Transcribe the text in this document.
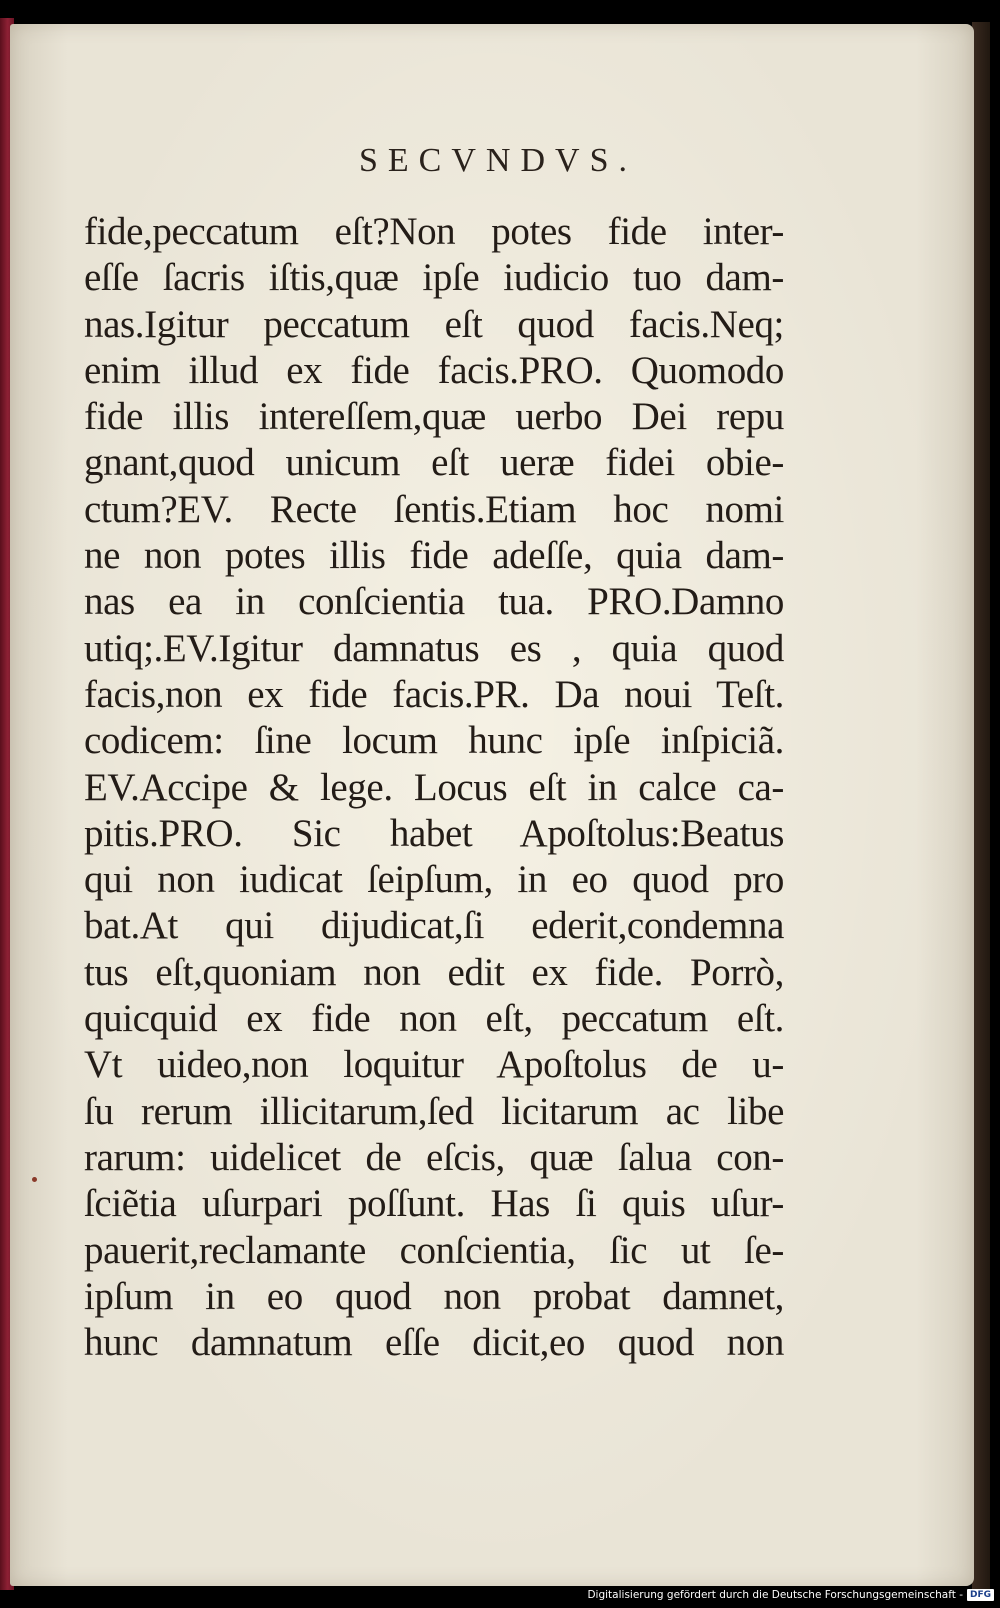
SECVNDVS.
fide,peccatum eſt?Non potes fide inter-
eſſe ſacris iſtis,quæ ipſe iudicio tuo dam-
nas.Igitur peccatum eſt quod facis.Neq;
enim illud ex fide facis.PRO. Quomodo
fide illis intereſſem,quæ uerbo Dei repu
gnant,quod unicum eſt ueræ fidei obie-
ctum?EV. Recte ſentis.Etiam hoc nomi
ne non potes illis fide adeſſe, quia dam-
nas ea in conſcientia tua. PRO.Damno
utiq;.EV.Igitur damnatus es , quia quod
facis,non ex fide facis.PR. Da noui Teſt.
codicem: ſine locum hunc ipſe inſpiciã.
EV.Accipe & lege. Locus eſt in calce ca-
pitis.PRO. Sic habet Apoſtolus:Beatus
qui non iudicat ſeipſum, in eo quod pro
bat.At qui dijudicat,ſi ederit,condemna
tus eſt,quoniam non edit ex fide. Porrò,
quicquid ex fide non eſt, peccatum eſt.
Vt uideo,non loquitur Apoſtolus de u-
ſu rerum illicitarum,ſed licitarum ac libe
rarum: uidelicet de eſcis, quæ ſalua con-
ſciẽtia uſurpari poſſunt. Has ſi quis uſur-
pauerit,reclamante conſcientia, ſic ut ſe-
ipſum in eo quod non probat damnet,
hunc damnatum eſſe dicit,eo quod non
Digitalisierung gefördert durch die Deutsche Forschungsgemeinschaft - DFG
